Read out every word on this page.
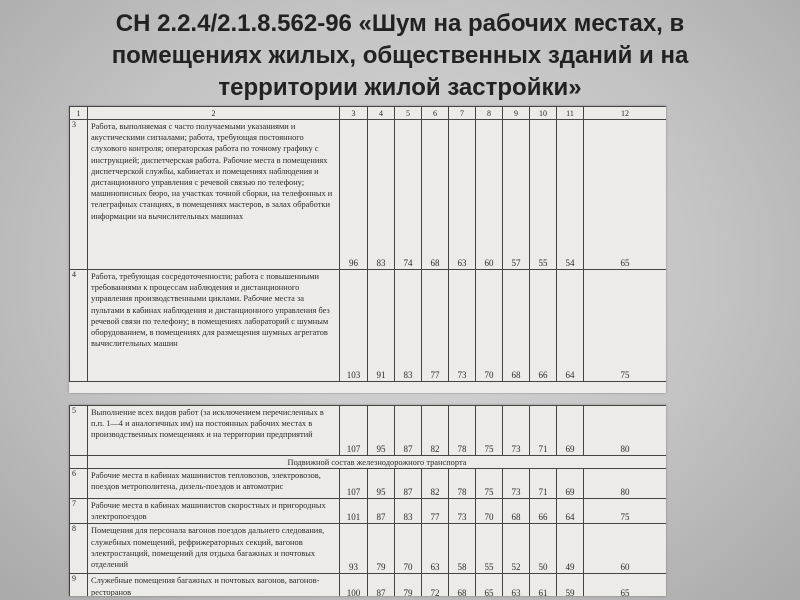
СН 2.2.4/2.1.8.562-96 «Шум на рабочих местах, в
помещениях жилых, общественных зданий и на
территории жилой застройки»
1	2	3	4	5	6	7	8	9	10	11	12
3	Работа, выполняемая с часто получаемыми указаниями и акустическими сигналами; работа, требующая постоянного слухового контроля; операторская работа по точному графику с инструкцией; диспетчерская работа. Рабочие места в помещениях диспетчерской службы, кабинетах и помещениях наблюдения и дистанционного управления с речевой связью по телефону; машинописных бюро, на участках точной сборки, на телефонных и телеграфных станциях, в помещениях мастеров, в залах обработки информации на вычислительных машинах	96	83	74	68	63	60	57	55	54	65
4	Работа, требующая сосредоточенности; работа с повышенными требованиями к процессам наблюдения и дистанционного управления производственными циклами. Рабочие места за пультами в кабинах наблюдения и дистанционного управления без речевой связи по телефону; в помещениях лабораторий с шумным оборудованием, в помещениях для размещения шумных агрегатов вычислительных машин	103	91	83	77	73	70	68	66	64	75
5	Выполнение всех видов работ (за исключением перечисленных в п.п. 1—4 и аналогичных им) на постоянных рабочих местах в производственных помещениях и на территории предприятий	107	95	87	82	78	75	73	71	69	80
	Подвижной состав железнодорожного транспорта										
6	Рабочие места в кабинах машинистов тепловозов, электровозов, поездов метрополитена, дизель-поездов и автомотрис	107	95	87	82	78	75	73	71	69	80
7	Рабочие места в кабинах машинистов скоростных и пригородных электропоездов	101	87	83	77	73	70	68	66	64	75
8	Помещения для персонала вагонов поездов дальнего следования, служебных помещений, рефрижераторных секций, вагонов электростанций, помещений для отдыха багажных и почтовых отделений	93	79	70	63	58	55	52	50	49	60
9	Служебные помещения багажных и почтовых вагонов, вагонов-ресторанов	100	87	79	72	68	65	63	61	59	65
